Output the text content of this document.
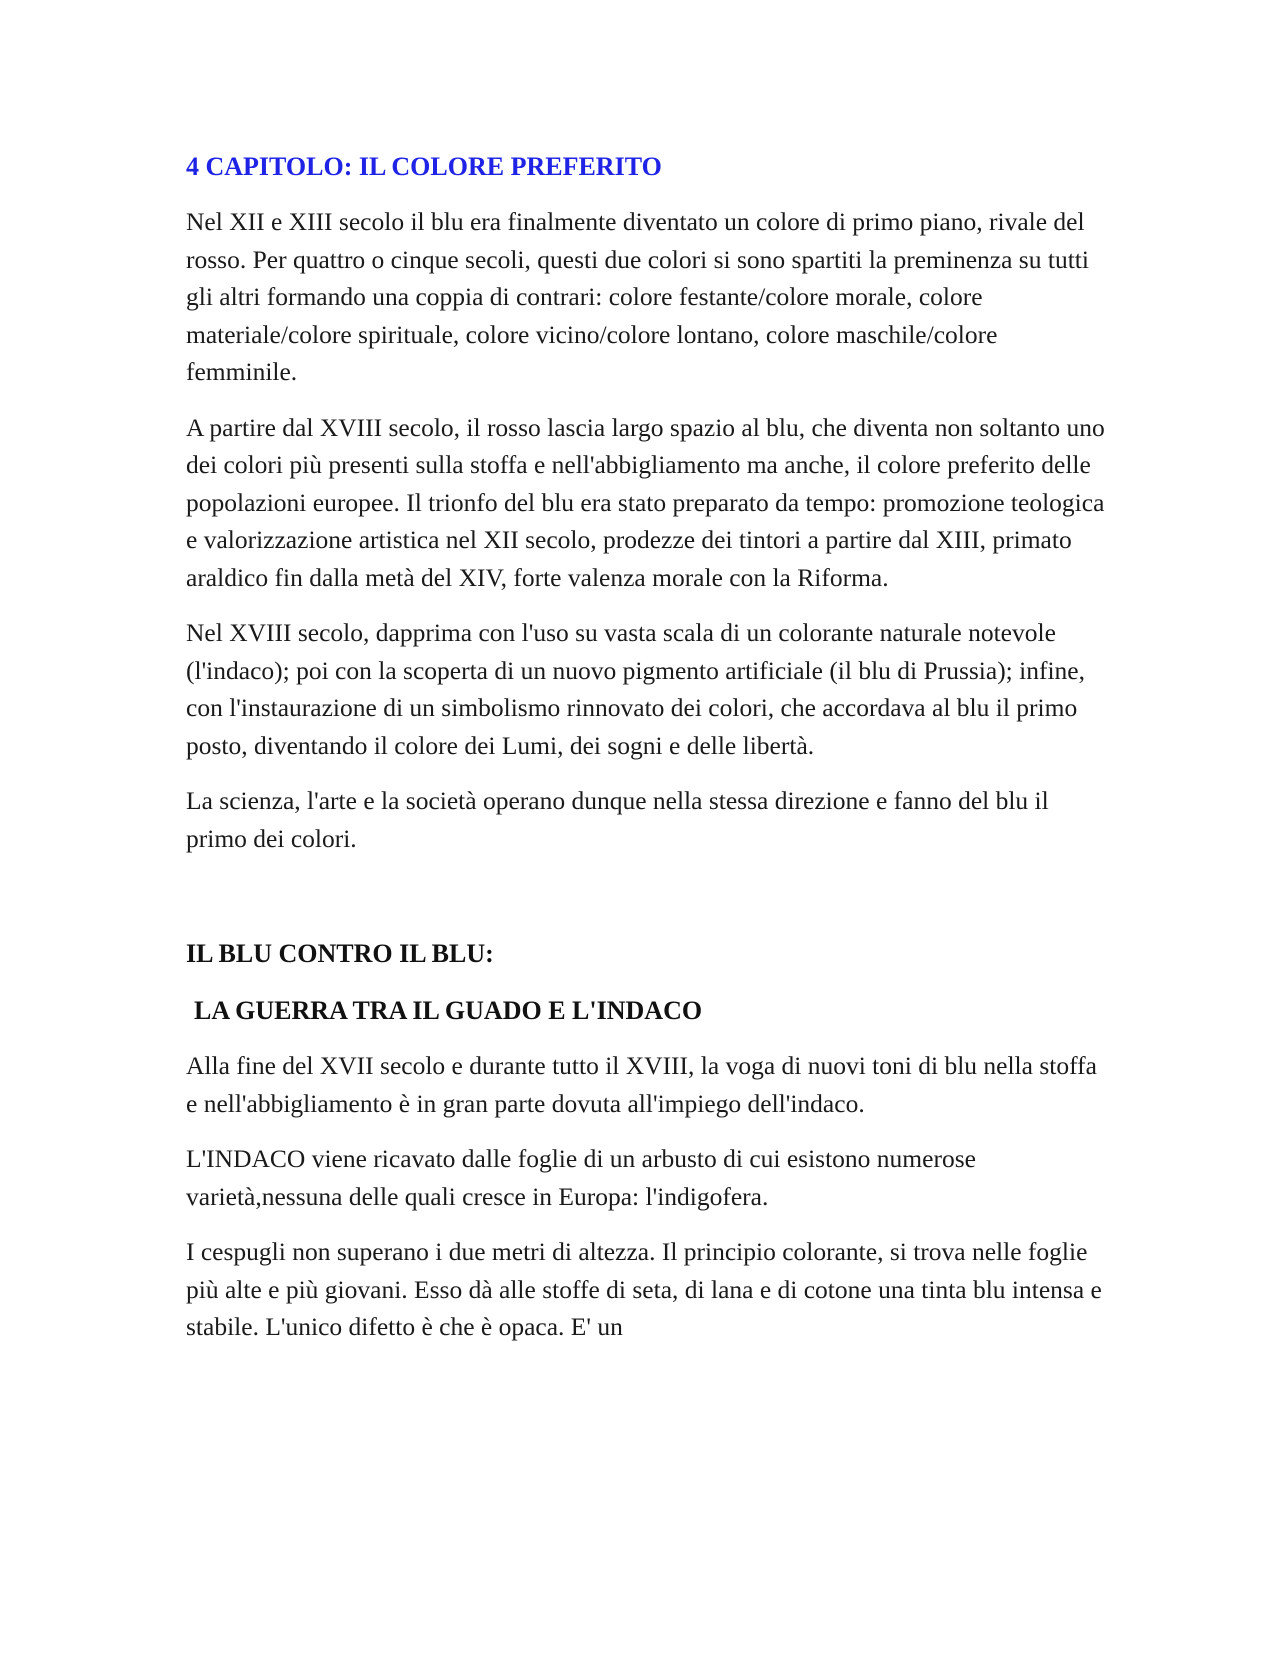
4 CAPITOLO: IL COLORE PREFERITO

Nel XII e XIII secolo il blu era finalmente diventato un colore di primo piano, rivale del rosso. Per quattro o cinque secoli, questi due colori si sono spartiti la preminenza su tutti gli altri formando una coppia di contrari: colore festante/colore morale, colore materiale/colore spirituale, colore vicino/colore lontano, colore maschile/colore femminile.

A partire dal XVIII secolo, il rosso lascia largo spazio al blu, che diventa non soltanto uno dei colori più presenti sulla stoffa e nell'abbigliamento ma anche, il colore preferito delle popolazioni europee. Il trionfo del blu era stato preparato da tempo: promozione teologica e valorizzazione artistica nel XII secolo, prodezze dei tintori a partire dal XIII, primato araldico fin dalla metà del XIV, forte valenza morale con la Riforma.

Nel XVIII secolo, dapprima con l'uso su vasta scala di un colorante naturale notevole (l'indaco); poi con la scoperta di un nuovo pigmento artificiale (il blu di Prussia); infine, con l'instaurazione di un simbolismo rinnovato dei colori, che accordava al blu il primo posto, diventando il colore dei Lumi, dei sogni e delle libertà.

La scienza, l'arte e la società operano dunque nella stessa direzione e fanno del blu il primo dei colori.

IL BLU CONTRO IL BLU:
LA GUERRA TRA IL GUADO E L'INDACO

Alla fine del XVII secolo e durante tutto il XVIII, la voga di nuovi toni di blu nella stoffa e nell'abbigliamento è in gran parte dovuta all'impiego dell'indaco.

L'INDACO viene ricavato dalle foglie di un arbusto di cui esistono numerose varietà,nessuna delle quali cresce in Europa: l'indigofera.

I cespugli non superano i due metri di altezza. Il principio colorante, si trova nelle foglie più alte e più giovani. Esso dà alle stoffe di seta, di lana e di cotone una tinta blu intensa e stabile. L'unico difetto è che è opaca. E' un
